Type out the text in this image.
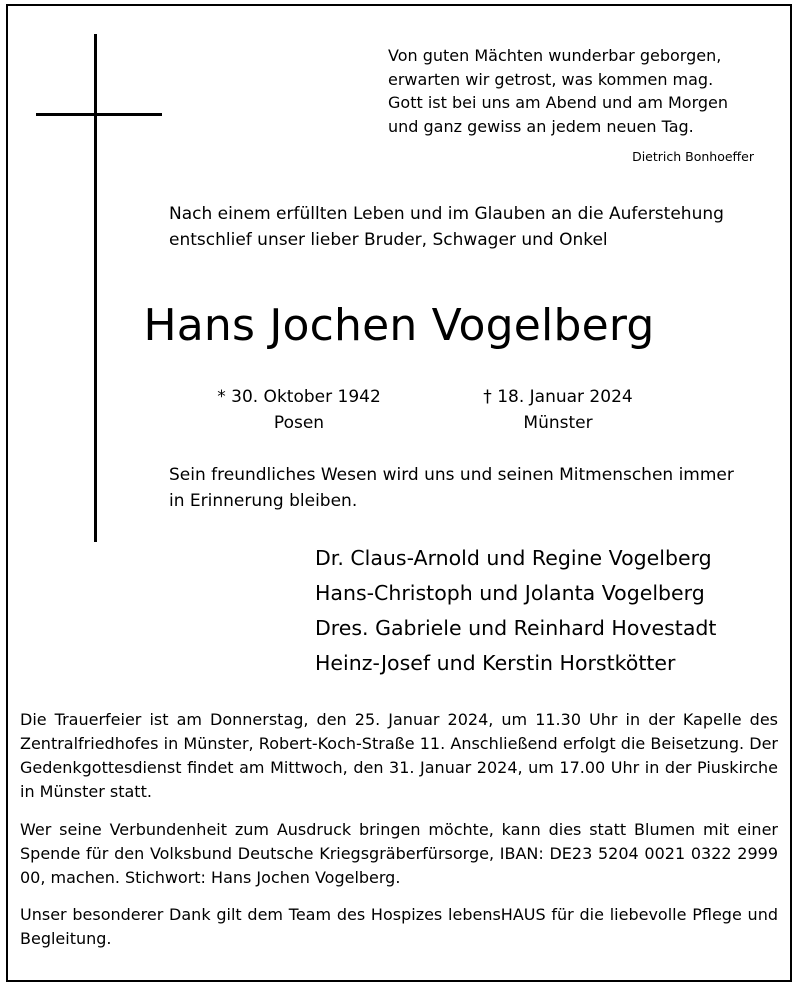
Von guten Mächten wunderbar geborgen,
erwarten wir getrost, was kommen mag.
Gott ist bei uns am Abend und am Morgen
und ganz gewiss an jedem neuen Tag.
Dietrich Bonhoeffer
Nach einem erfüllten Leben und im Glauben an die Auferstehung
entschlief unser lieber Bruder, Schwager und Onkel
Hans Jochen Vogelberg
* 30. Oktober 1942
Posen
† 18. Januar 2024
Münster
Sein freundliches Wesen wird uns und seinen Mitmenschen immer
in Erinnerung bleiben.
Dr. Claus-Arnold und Regine Vogelberg
Hans-Christoph und Jolanta Vogelberg
Dres. Gabriele und Reinhard Hovestadt
Heinz-Josef und Kerstin Horstkötter

Die Trauerfeier ist am Donnerstag, den 25. Januar 2024, um 11.30 Uhr in der Kapelle des Zentralfriedhofes in Münster, Robert-Koch-Straße 11. Anschließend erfolgt die Beisetzung. Der Gedenkgottesdienst findet am Mittwoch, den 31. Januar 2024, um 17.00 Uhr in der Piuskirche in Münster statt.

Wer seine Verbundenheit zum Ausdruck bringen möchte, kann dies statt Blumen mit einer Spende für den Volksbund Deutsche Kriegsgräberfürsorge, IBAN: DE23 5204 0021 0322 2999 00, machen. Stichwort: Hans Jochen Vogelberg.

Unser besonderer Dank gilt dem Team des Hospizes lebensHAUS für die liebevolle Pflege und Begleitung.
